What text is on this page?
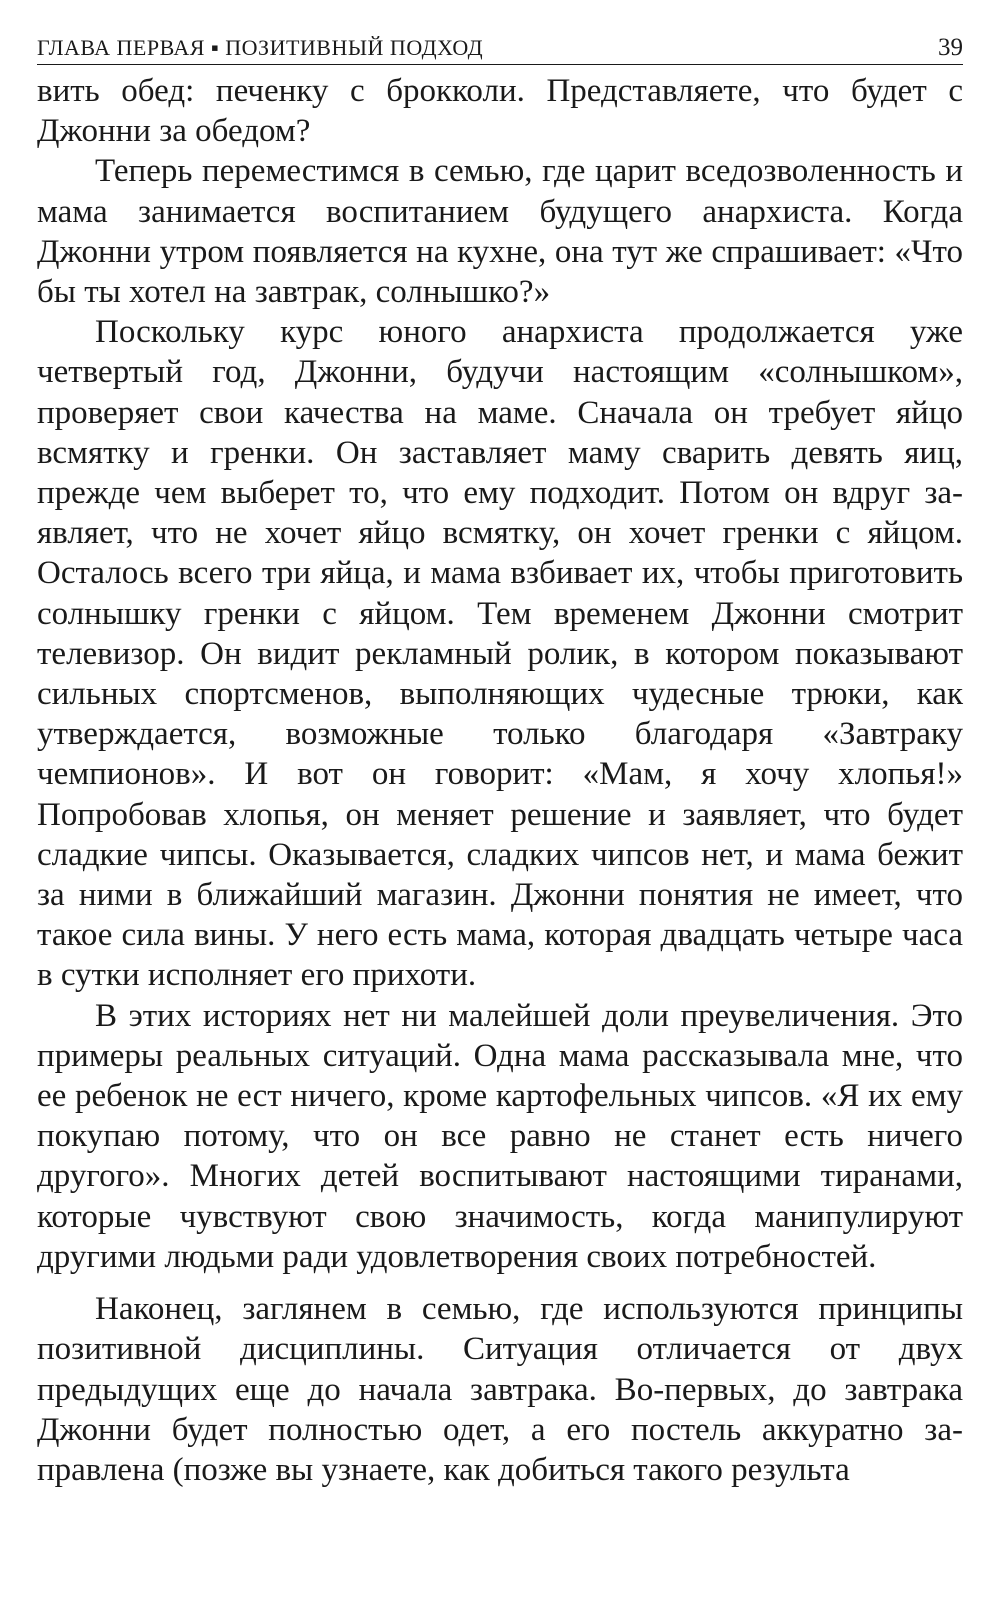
ГЛАВА ПЕРВАЯ ▪ ПОЗИТИВНЫЙ ПОДХОД	39

вить обед: печенку с брокколи. Представляете, что будет с Джонни за обедом?

Теперь переместимся в семью, где царит вседозволенность и мама занимается воспитанием будущего анархиста. Когда Джонни утром появляется на кухне, она тут же спрашивает: «Что бы ты хотел на завтрак, солнышко?»

Поскольку курс юного анархиста продолжается уже четвертый год, Джонни, будучи настоящим «солнышком», проверяет свои качества на маме. Сначала он требует яйцо всмятку и гренки. Он заставляет маму сварить девять яиц, прежде чем выберет то, что ему подходит. Потом он вдруг заявляет, что не хочет яйцо всмятку, он хочет гренки с яйцом. Осталось всего три яйца, и мама взбивает их, чтобы приготовить солнышку гренки с яйцом. Тем временем Джонни смотрит телевизор. Он видит рекламный ролик, в котором показывают сильных спортсменов, выполняющих чудесные трюки, как утверждается, возможные только благодаря «Завтраку чемпионов». И вот он говорит: «Мам, я хочу хлопья!» Попробовав хлопья, он меняет решение и заявляет, что будет сладкие чипсы. Оказывается, сладких чипсов нет, и мама бежит за ними в ближайший магазин. Джонни понятия не имеет, что такое сила вины. У него есть мама, которая двадцать четыре часа в сутки исполняет его прихоти.

В этих историях нет ни малейшей доли преувеличения. Это примеры реальных ситуаций. Одна мама рассказывала мне, что ее ребенок не ест ничего, кроме картофельных чипсов. «Я их ему покупаю потому, что он все равно не станет есть ничего другого». Многих детей воспитывают настоящими тиранами, которые чувствуют свою значимость, когда манипулируют другими людьми ради удовлетворения своих потребностей.

Наконец, заглянем в семью, где используются принципы позитивной дисциплины. Ситуация отличается от двух предыдущих еще до начала завтрака. Во-первых, до завтрака Джонни будет полностью одет, а его постель аккуратно заправлена (позже вы узнаете, как добиться такого результа
